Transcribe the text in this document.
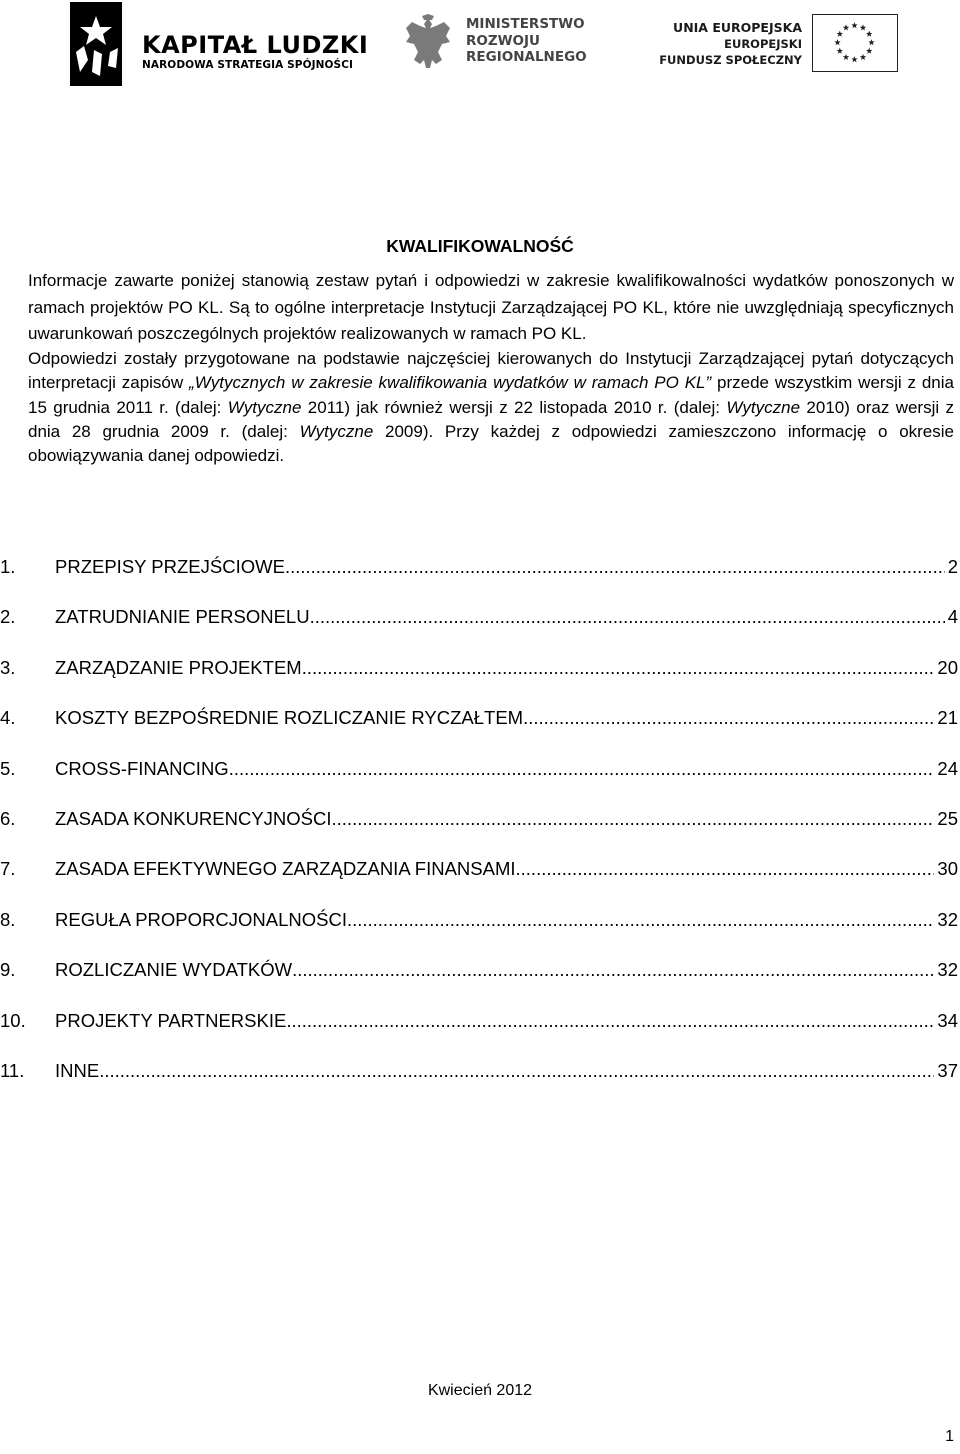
KAPITAŁ LUDZKI
NARODOWA STRATEGIA SPÓJNOŚCI
MINISTERSTWO
ROZWOJU
REGIONALNEGO
UNIA EUROPEJSKA
EUROPEJSKI
FUNDUSZ SPOŁECZNY
KWALIFIKOWALNOŚĆ
Informacje zawarte poniżej stanowią zestaw pytań i odpowiedzi w zakresie kwalifikowalności wydatków ponoszonych w ramach projektów PO KL. Są to ogólne interpretacje Instytucji Zarządzającej PO KL, które nie uwzględniają specyficznych uwarunkowań poszczególnych projektów realizowanych w ramach PO KL.
Odpowiedzi zostały przygotowane na podstawie najczęściej kierowanych do Instytucji Zarządzającej pytań dotyczących interpretacji zapisów „Wytycznych w zakresie kwalifikowania wydatków w ramach PO KL” przede wszystkim wersji z dnia 15 grudnia 2011 r. (dalej: Wytyczne 2011) jak również wersji z 22 listopada 2010 r. (dalej: Wytyczne 2010) oraz wersji z dnia 28 grudnia 2009 r. (dalej: Wytyczne 2009). Przy każdej z odpowiedzi zamieszczono informację o okresie obowiązywania danej odpowiedzi.
1.	PRZEPISY PRZEJŚCIOWE .....	2
2.	ZATRUDNIANIE PERSONELU .....	4
3.	ZARZĄDZANIE PROJEKTEM .....	20
4.	KOSZTY BEZPOŚREDNIE ROZLICZANIE RYCZAŁTEM .....	21
5.	CROSS-FINANCING .....	24
6.	ZASADA KONKURENCYJNOŚCI .....	25
7.	ZASADA EFEKTYWNEGO ZARZĄDZANIA FINANSAMI .....	30
8.	REGUŁA PROPORCJONALNOŚCI .....	32
9.	ROZLICZANIE WYDATKÓW .....	32
10.	PROJEKTY PARTNERSKIE .....	34
11.	INNE .....	37
Kwiecień 2012
1
